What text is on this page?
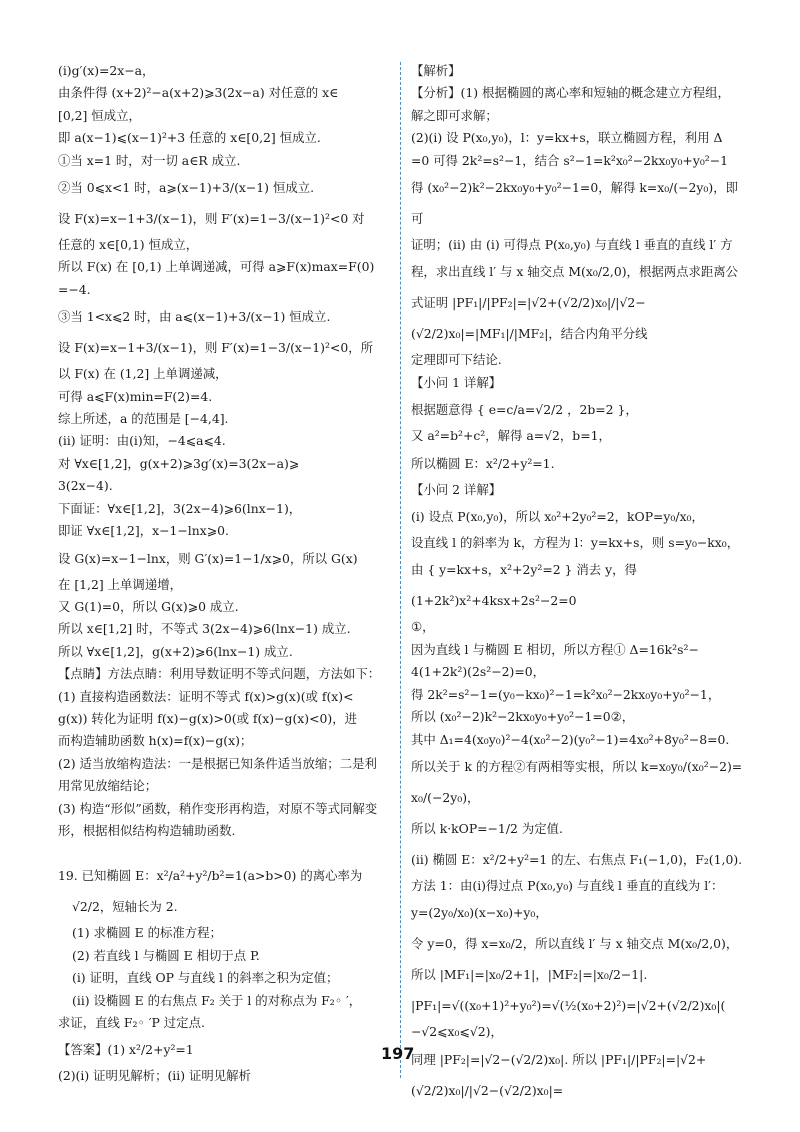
(ⅰ)g′(x)=2x−a，

由条件得 (x+2)²−a(x+2)⩾3(2x−a) 对任意的 x∈

[0,2] 恒成立，

即 a(x−1)⩽(x−1)²+3 任意的 x∈[0,2] 恒成立.

①当 x=1 时，对一切 a∈R 成立.

②当 0⩽x<1 时，a⩾(x−1)+3/(x−1) 恒成立.

设 F(x)=x−1+3/(x−1)，则 F′(x)=1−3/(x−1)²<0 对

任意的 x∈[0,1) 恒成立，

所以 F(x) 在 [0,1) 上单调递减，可得 a⩾F(x)max=F(0)

=−4.

③当 1<x⩽2 时，由 a⩽(x−1)+3/(x−1) 恒成立.

设 F(x)=x−1+3/(x−1)，则 F′(x)=1−3/(x−1)²<0，所

以 F(x) 在 (1,2] 上单调递减，

可得 a⩽F(x)min=F(2)=4.

综上所述，a 的范围是 [−4,4].

(ⅱ) 证明：由(ⅰ)知，−4⩽a⩽4.

对 ∀x∈[1,2]，g(x+2)⩾3g′(x)=3(2x−a)⩾

3(2x−4).

下面证：∀x∈[1,2]，3(2x−4)⩾6(lnx−1)，

即证 ∀x∈[1,2]，x−1−lnx⩾0.

设 G(x)=x−1−lnx，则 G′(x)=1−1/x⩾0，所以 G(x)

在 [1,2] 上单调递增，

又 G(1)=0，所以 G(x)⩾0 成立.

所以 x∈[1,2] 时，不等式 3(2x−4)⩾6(lnx−1) 成立.

所以 ∀x∈[1,2]，g(x+2)⩾6(lnx−1) 成立.

【点睛】方法点睛：利用导数证明不等式问题，方法如下：

(1) 直接构造函数法：证明不等式 f(x)>g(x)(或 f(x)<

g(x)) 转化为证明 f(x)−g(x)>0(或 f(x)−g(x)<0)，进

而构造辅助函数 h(x)=f(x)−g(x)；

(2) 适当放缩构造法：一是根据已知条件适当放缩；二是利

用常见放缩结论；

(3) 构造“形似”函数，稍作变形再构造，对原不等式同解变

形，根据相似结构构造辅助函数.

19. 已知椭圆 E：x²/a²+y²/b²=1(a>b>0) 的离心率为

√2/2，短轴长为 2.

(1) 求椭圆 E 的标准方程；

(2) 若直线 l 与椭圆 E 相切于点 P.

(ⅰ) 证明，直线 OP 与直线 l 的斜率之积为定值；

(ⅱ) 设椭圆 E 的右焦点 F₂ 关于 l 的对称点为 F₂◦ ′，

求证，直线 F₂◦ ′P 过定点.

【答案】(1) x²/2+y²=1

(2)(ⅰ) 证明见解析；(ⅱ) 证明见解析

【解析】

【分析】(1) 根据椭圆的离心率和短轴的概念建立方程组，

解之即可求解；

(2)(ⅰ) 设 P(x₀,y₀)，l：y=kx+s，联立椭圆方程，利用 Δ

=0 可得 2k²=s²−1，结合 s²−1=k²x₀²−2kx₀y₀+y₀²−1

得 (x₀²−2)k²−2kx₀y₀+y₀²−1=0，解得 k=x₀/(−2y₀)，即可

证明；(ⅱ) 由 (ⅰ) 可得点 P(x₀,y₀) 与直线 l 垂直的直线 l′ 方

程，求出直线 l′ 与 x 轴交点 M(x₀/2,0)，根据两点求距离公

式证明 |PF₁|/|PF₂|=|√2+(√2/2)x₀|/|√2−(√2/2)x₀|=|MF₁|/|MF₂|，结合内角平分线

定理即可下结论.

【小问 1 详解】

根据题意得 { e=c/a=√2/2 ，2b=2 }，

又 a²=b²+c²，解得 a=√2，b=1，

所以椭圆 E：x²/2+y²=1.

【小问 2 详解】

(ⅰ) 设点 P(x₀,y₀)，所以 x₀²+2y₀²=2，kOP=y₀/x₀，

设直线 l 的斜率为 k，方程为 l：y=kx+s，则 s=y₀−kx₀，

由 { y=kx+s，x²+2y²=2 } 消去 y，得 (1+2k²)x²+4ksx+2s²−2=0

①，

因为直线 l 与椭圆 E 相切，所以方程① Δ=16k²s²−

4(1+2k²)(2s²−2)=0，

得 2k²=s²−1=(y₀−kx₀)²−1=k²x₀²−2kx₀y₀+y₀²−1，

所以 (x₀²−2)k²−2kx₀y₀+y₀²−1=0②，

其中 Δ₁=4(x₀y₀)²−4(x₀²−2)(y₀²−1)=4x₀²+8y₀²−8=0.

所以关于 k 的方程②有两相等实根，所以 k=x₀y₀/(x₀²−2)=

x₀/(−2y₀)，

所以 k·kOP=−1/2 为定值.

(ⅱ) 椭圆 E：x²/2+y²=1 的左、右焦点 F₁(−1,0)，F₂(1,0).

方法 1：由(ⅰ)得过点 P(x₀,y₀) 与直线 l 垂直的直线为 l′：

y=(2y₀/x₀)(x−x₀)+y₀，

令 y=0，得 x=x₀/2，所以直线 l′ 与 x 轴交点 M(x₀/2,0)，

所以 |MF₁|=|x₀/2+1|，|MF₂|=|x₀/2−1|.

|PF₁|=√((x₀+1)²+y₀²)=√(½(x₀+2)²)=|√2+(√2/2)x₀|(

−√2⩽x₀⩽√2)，

同理 |PF₂|=|√2−(√2/2)x₀|. 所以 |PF₁|/|PF₂|=|√2+(√2/2)x₀|/|√2−(√2/2)x₀|=

197
